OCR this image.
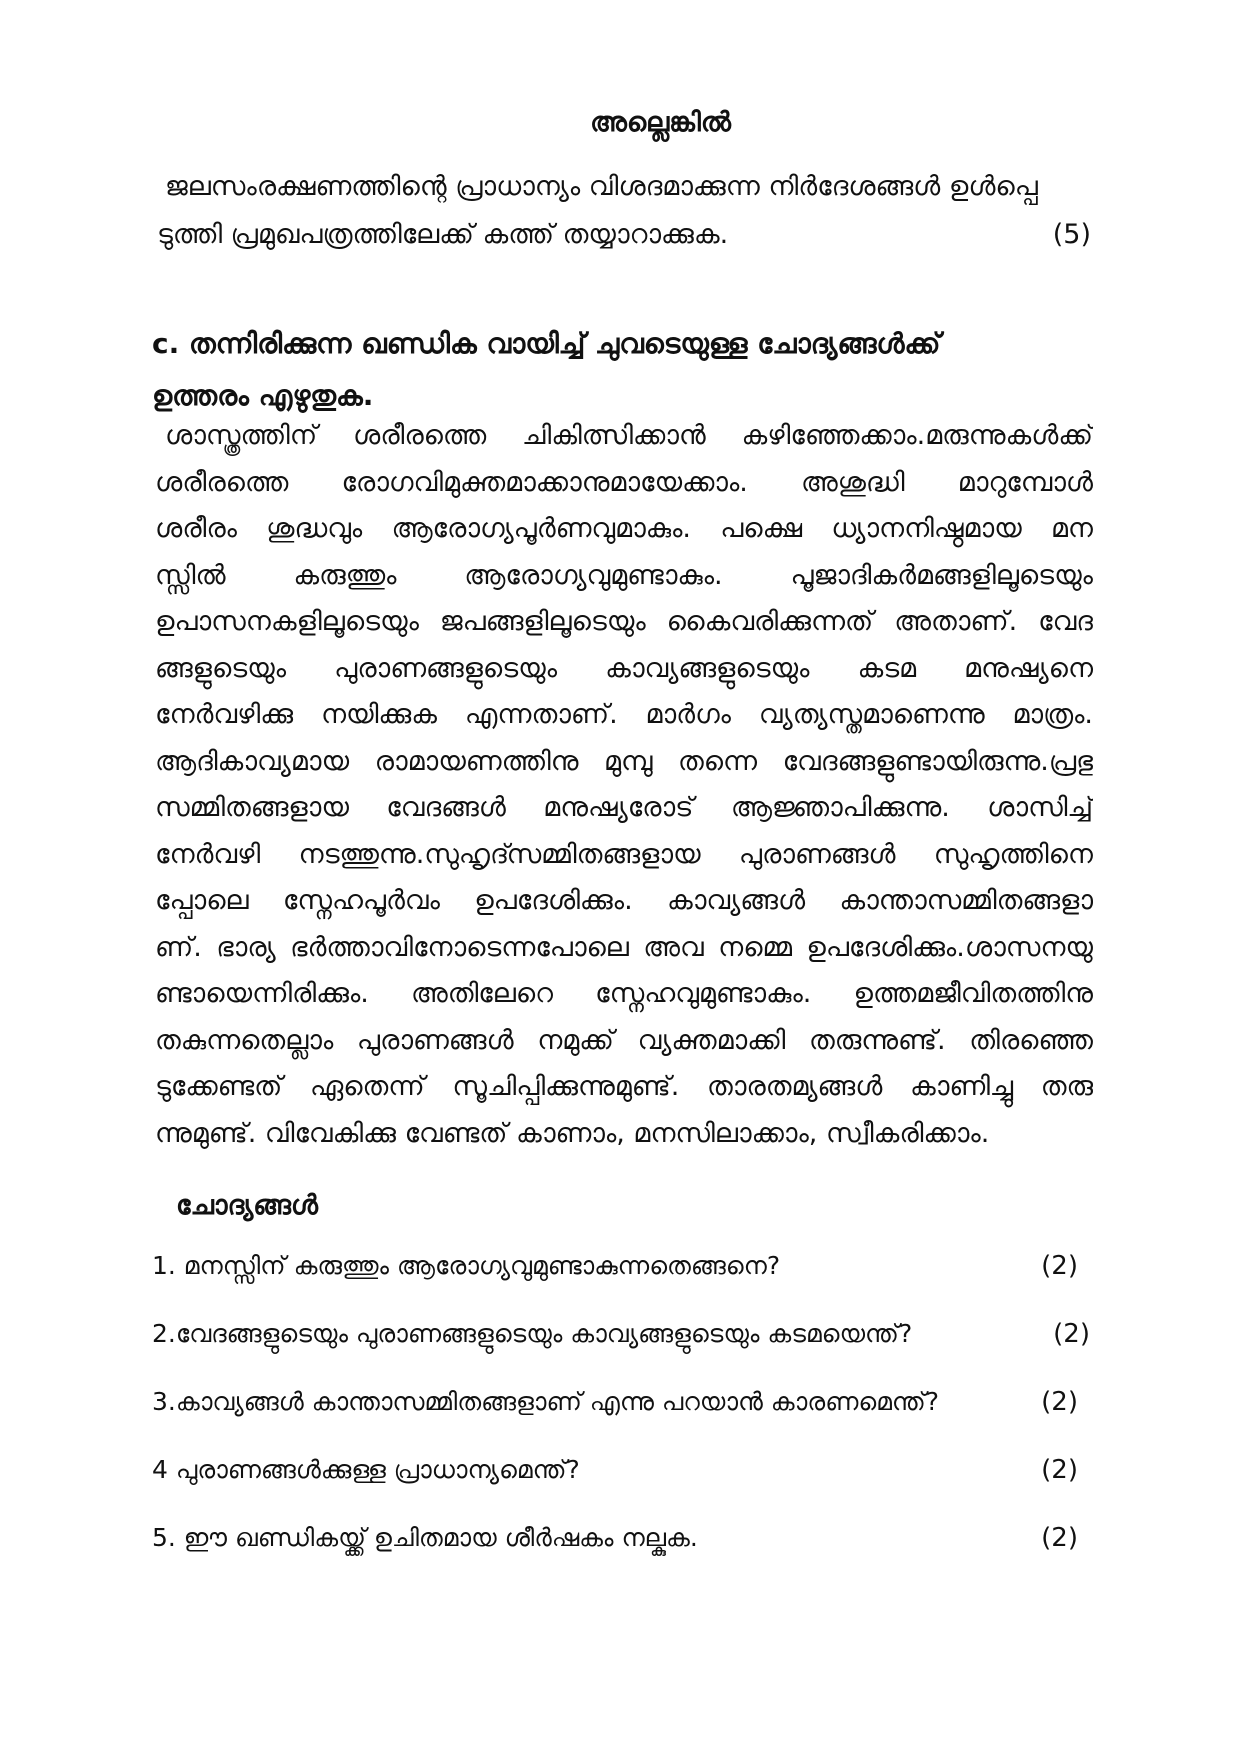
അല്ലെങ്കിൽ
ജലസംരക്ഷണത്തിന്റെ പ്രാധാന്യം വിശദമാക്കുന്ന നിർദേശങ്ങൾ ഉൾപ്പെ
ടുത്തി പ്രമുഖപത്രത്തിലേക്ക് കത്ത് തയ്യാറാക്കുക.	(5)
c. തന്നിരിക്കുന്ന ഖണ്ഡിക വായിച്ച് ചുവടെയുള്ള ചോദ്യങ്ങൾക്ക്
ഉത്തരം എഴുതുക.
ശാസ്ത്രത്തിന് ശരീരത്തെ ചികിത്സിക്കാൻ കഴിഞ്ഞേക്കാം.മരുന്നുകൾക്ക്
ശരീരത്തെ രോഗവിമുക്തമാക്കാനുമായേക്കാം. അശുദ്ധി മാറുമ്പോൾ
ശരീരം ശുദ്ധവും ആരോഗ്യപൂർണവുമാകും. പക്ഷെ ധ്യാനനിഷ്ഠമായ മന
സ്സിൽ കരുത്തും ആരോഗ്യവുമുണ്ടാകും. പൂജാദികർമങ്ങളിലൂടെയും
ഉപാസനകളിലൂടെയും ജപങ്ങളിലൂടെയും കൈവരിക്കുന്നത് അതാണ്. വേദ
ങ്ങളുടെയും പുരാണങ്ങളുടെയും കാവ്യങ്ങളുടെയും കടമ മനുഷ്യനെ
നേർവഴിക്കു നയിക്കുക എന്നതാണ്. മാർഗം വ്യത്യസ്തമാണെന്നു മാത്രം.
ആദികാവ്യമായ രാമായണത്തിനു മുമ്പു തന്നെ വേദങ്ങളുണ്ടായിരുന്നു.പ്രഭു
സമ്മിതങ്ങളായ വേദങ്ങൾ മനുഷ്യരോട് ആജ്ഞാപിക്കുന്നു. ശാസിച്ച്
നേർവഴി നടത്തുന്നു.സുഹൃദ്സമ്മിതങ്ങളായ പുരാണങ്ങൾ സുഹൃത്തിനെ
പ്പോലെ സ്നേഹപൂർവം ഉപദേശിക്കും. കാവ്യങ്ങൾ കാന്താസമ്മിതങ്ങളാ
ണ്. ഭാര്യ ഭർത്താവിനോടെന്നപോലെ അവ നമ്മെ ഉപദേശിക്കും.ശാസനയു
ണ്ടായെന്നിരിക്കും. അതിലേറെ സ്നേഹവുമുണ്ടാകും. ഉത്തമജീവിതത്തിനു
തകുന്നതെല്ലാം പുരാണങ്ങൾ നമുക്ക് വ്യക്തമാക്കി തരുന്നുണ്ട്. തിരഞ്ഞെ
ടുക്കേണ്ടത് ഏതെന്ന് സൂചിപ്പിക്കുന്നുമുണ്ട്. താരതമ്യങ്ങൾ കാണിച്ചു തരു
ന്നുമുണ്ട്. വിവേകിക്കു വേണ്ടത് കാണാം, മനസിലാക്കാം, സ്വീകരിക്കാം.
ചോദ്യങ്ങൾ
1. മനസ്സിന് കരുത്തും ആരോഗ്യവുമുണ്ടാകുന്നതെങ്ങനെ?	(2)
2.വേദങ്ങളുടെയും പുരാണങ്ങളുടെയും കാവ്യങ്ങളുടെയും കടമയെന്ത്?	(2)
3.കാവ്യങ്ങൾ കാന്താസമ്മിതങ്ങളാണ് എന്നു പറയാൻ കാരണമെന്ത്?	(2)
4 പുരാണങ്ങൾക്കുള്ള പ്രാധാന്യമെന്ത്?	(2)
5. ഈ ഖണ്ഡികയ്ക്ക് ഉചിതമായ ശീർഷകം നല്കുക.	(2)
